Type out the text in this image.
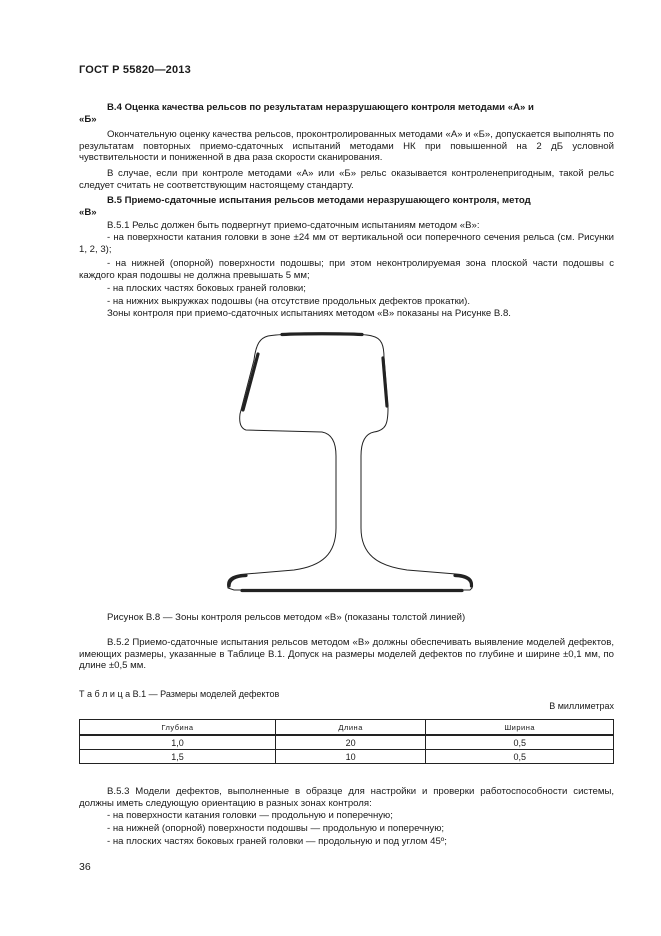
ГОСТ Р 55820—2013
В.4 Оценка качества рельсов по результатам неразрушающего контроля методами «А» и
«Б»

Окончательную оценку качества рельсов, проконтролированных методами «А» и «Б», допускается выполнять по результатам повторных приемо-сдаточных испытаний методами НК при повышенной на 2 дБ условной чувствительности и пониженной в два раза скорости сканирования.

В случае, если при контроле методами «А» или «Б» рельс оказывается контроленепригодным, такой рельс следует считать не соответствующим настоящему стандарту.

В.5 Приемо-сдаточные испытания рельсов методами неразрушающего контроля, метод
«В»

В.5.1 Рельс должен быть подвергнут приемо-сдаточным испытаниям методом «В»:

- на поверхности катания головки в зоне ±24 мм от вертикальной оси поперечного сечения рельса (см. Рисунки 1, 2, 3);

- на нижней (опорной) поверхности подошвы; при этом неконтролируемая зона плоской части подошвы с каждого края подошвы не должна превышать 5 мм;

- на плоских частях боковых граней головки;

- на нижних выкружках подошвы (на отсутствие продольных дефектов прокатки).

Зоны контроля при приемо-сдаточных испытаниях методом «В» показаны на Рисунке В.8.

Рисунок В.8 — Зоны контроля рельсов методом «В» (показаны толстой линией)

В.5.2 Приемо-сдаточные испытания рельсов методом «В» должны обеспечивать выявление моделей дефектов, имеющих размеры, указанные в Таблице В.1. Допуск на размеры моделей дефектов по глубине и ширине ±0,1 мм, по длине ±0,5 мм.

Т а б л и ц а В.1 — Размеры моделей дефектов
В миллиметрах
Глубина	Длина	Ширина
1,0	20	0,5
1,5	10	0,5

В.5.3 Модели дефектов, выполненные в образце для настройки и проверки работоспособности системы, должны иметь следующую ориентацию в разных зонах контроля:

- на поверхности катания головки — продольную и поперечную;

- на нижней (опорной) поверхности подошвы — продольную и поперечную;

- на плоских частях боковых граней головки — продольную и под углом 45º;

36
